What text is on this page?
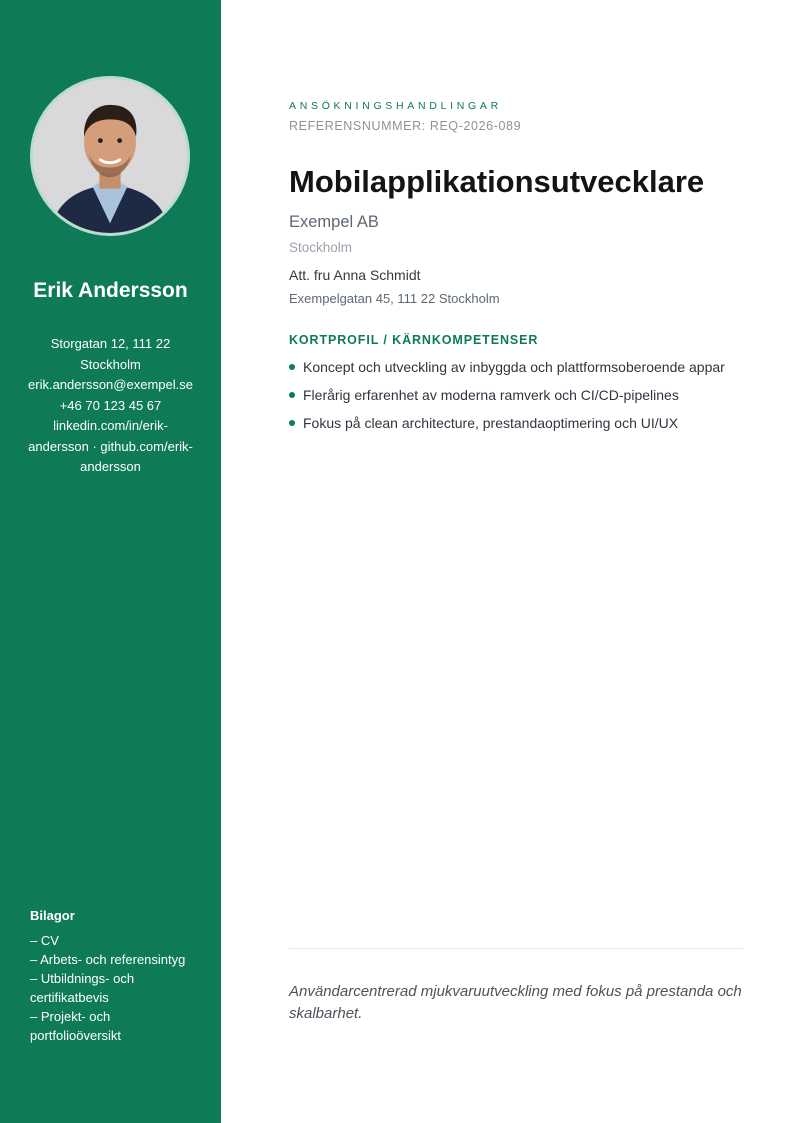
Erik Andersson
Storgatan 12, 111 22
Stockholm
erik.andersson@exempel.se
+46 70 123 45 67
linkedin.com/in/erik-
andersson · github.com/erik-
andersson
Bilagor
– CV
– Arbets- och referensintyg
– Utbildnings- och
certifikatbevis
– Projekt- och
portfolioöversikt
ANSÖKNINGSHANDLINGAR
REFERENSNUMMER: REQ-2026-089
Mobilapplikationsutvecklare
Exempel AB
Stockholm
Att. fru Anna Schmidt
Exempelgatan 45, 111 22 Stockholm
KORTPROFIL / KÄRNKOMPETENSER
Koncept och utveckling av inbyggda och plattformsoberoende appar
Flerårig erfarenhet av moderna ramverk och CI/CD-pipelines
Fokus på clean architecture, prestandaoptimering och UI/UX
Användarcentrerad mjukvaruutveckling med fokus på prestanda och skalbarhet.
